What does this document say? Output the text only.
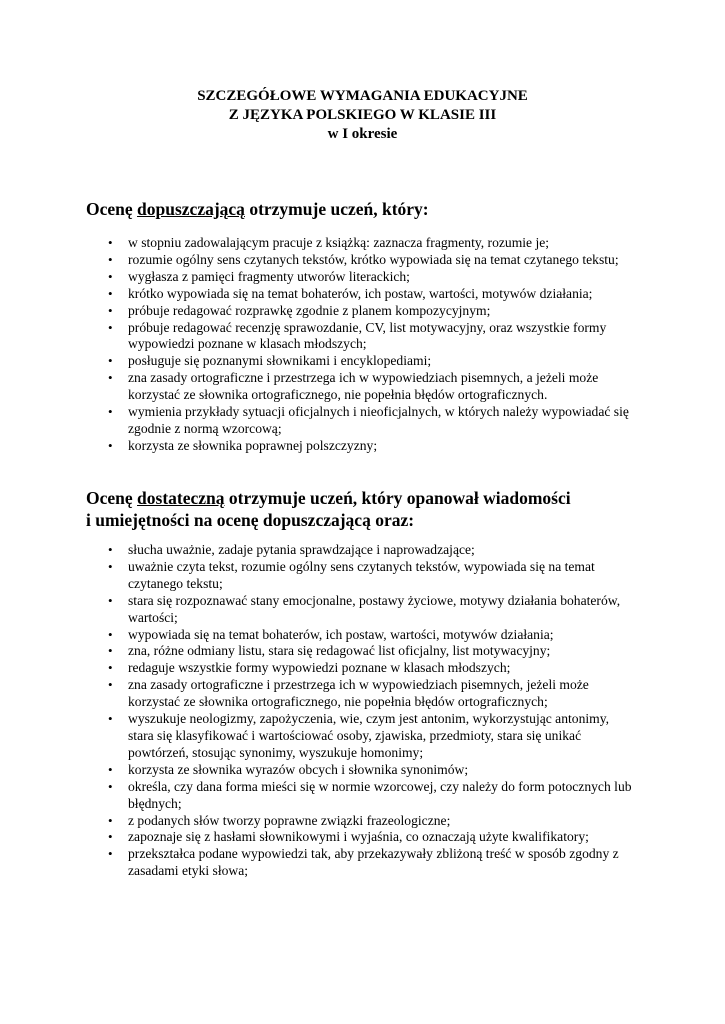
SZCZEGÓŁOWE WYMAGANIA EDUKACYJNE
Z JĘZYKA POLSKIEGO W KLASIE III
w I okresie
Ocenę dopuszczającą otrzymuje uczeń, który:
• w stopniu zadowalającym pracuje z książką: zaznacza fragmenty, rozumie je;
• rozumie ogólny sens czytanych tekstów, krótko wypowiada się na temat czytanego tekstu;
• wygłasza z pamięci fragmenty utworów literackich;
• krótko wypowiada się na temat bohaterów, ich postaw, wartości, motywów działania;
• próbuje redagować rozprawkę zgodnie z planem kompozycyjnym;
• próbuje redagować recenzję sprawozdanie, CV, list motywacyjny, oraz wszystkie formy wypowiedzi poznane w klasach młodszych;
• posługuje się poznanymi słownikami i encyklopediami;
• zna zasady ortograficzne i przestrzega ich w wypowiedziach pisemnych, a jeżeli może korzystać ze słownika ortograficznego, nie popełnia błędów ortograficznych.
• wymienia przykłady sytuacji oficjalnych i nieoficjalnych, w których należy wypowiadać się zgodnie z normą wzorcową;
• korzysta ze słownika poprawnej polszczyzny;
Ocenę dostateczną otrzymuje uczeń, który opanował wiadomości
i umiejętności na ocenę dopuszczającą oraz:
• słucha uważnie, zadaje pytania sprawdzające i naprowadzające;
• uważnie czyta tekst, rozumie ogólny sens czytanych tekstów, wypowiada się na temat czytanego tekstu;
• stara się rozpoznawać stany emocjonalne, postawy życiowe, motywy działania bohaterów, wartości;
• wypowiada się na temat bohaterów, ich postaw, wartości, motywów działania;
• zna, różne odmiany listu, stara się redagować list oficjalny, list motywacyjny;
• redaguje wszystkie formy wypowiedzi poznane w klasach młodszych;
• zna zasady ortograficzne i przestrzega ich w wypowiedziach pisemnych, jeżeli może korzystać ze słownika ortograficznego, nie popełnia błędów ortograficznych;
• wyszukuje neologizmy, zapożyczenia, wie, czym jest antonim, wykorzystując antonimy, stara się klasyfikować i wartościować osoby, zjawiska, przedmioty, stara się unikać powtórzeń, stosując synonimy, wyszukuje homonimy;
• korzysta ze słownika wyrazów obcych i słownika synonimów;
• określa, czy dana forma mieści się w normie wzorcowej, czy należy do form potocznych lub błędnych;
• z podanych słów tworzy poprawne związki frazeologiczne;
• zapoznaje się z hasłami słownikowymi i wyjaśnia, co oznaczają użyte kwalifikatory;
• przekształca podane wypowiedzi tak, aby przekazywały zbliżoną treść w sposób zgodny z zasadami etyki słowa;
